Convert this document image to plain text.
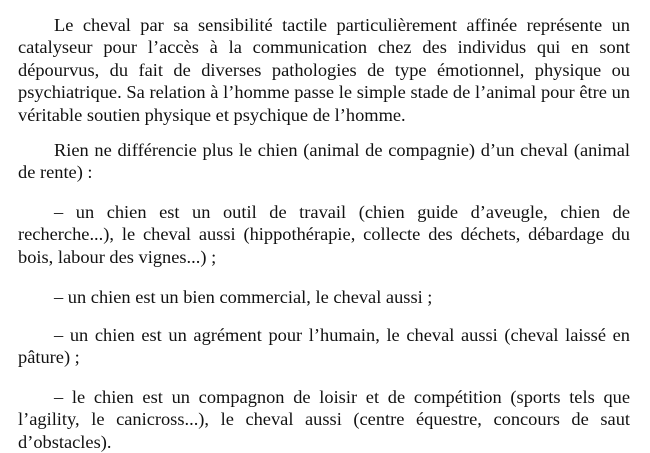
Le cheval par sa sensibilité tactile particulièrement affinée représente un catalyseur pour l’accès à la communication chez des individus qui en sont dépourvus, du fait de diverses pathologies de type émotionnel, physique ou psychiatrique. Sa relation à l’homme passe le simple stade de l’animal pour être un véritable soutien physique et psychique de l’homme.

Rien ne différencie plus le chien (animal de compagnie) d’un cheval (animal de rente) :

– un chien est un outil de travail (chien guide d’aveugle, chien de recherche...), le cheval aussi (hippothérapie, collecte des déchets, débardage du bois, labour des vignes...) ;

– un chien est un bien commercial, le cheval aussi ;

– un chien est un agrément pour l’humain, le cheval aussi (cheval laissé en pâture) ;

– le chien est un compagnon de loisir et de compétition (sports tels que l’agility, le canicross...), le cheval aussi (centre équestre, concours de saut d’obstacles).
